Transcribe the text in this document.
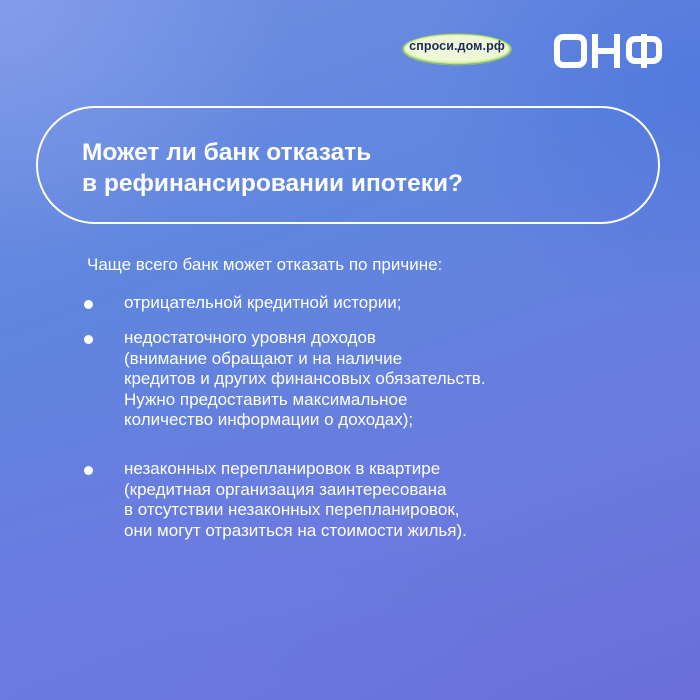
спроси.дом.рф
Может ли банк отказать
в рефинансировании ипотеки?

Чаще всего банк может отказать по причине:

отрицательной кредитной истории;
недостаточного уровня доходов
(внимание обращают и на наличие
кредитов и других финансовых обязательств.
Нужно предоставить максимальное
количество информации о доходах);
незаконных перепланировок в квартире
(кредитная организация заинтересована
в отсутствии незаконных перепланировок,
они могут отразиться на стоимости жилья).
